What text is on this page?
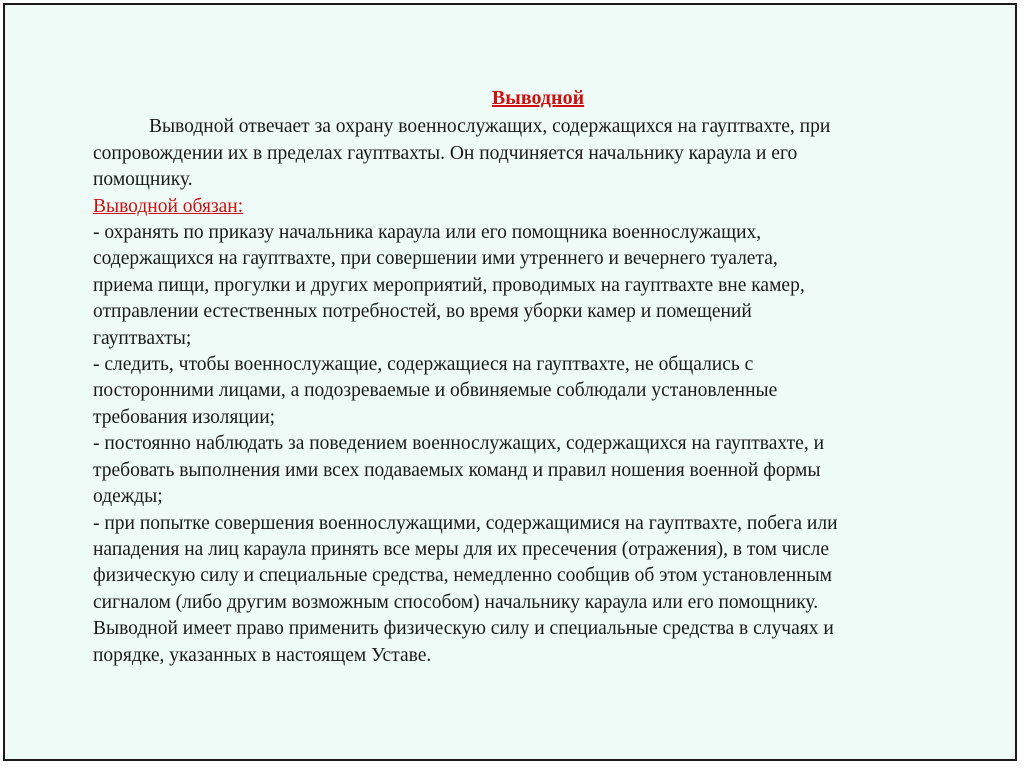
Выводной
Выводной отвечает за охрану военнослужащих, содержащихся на гауптвахте, при
сопровождении их в пределах гауптвахты. Он подчиняется начальнику караула и его
помощнику.
Выводной обязан:
- охранять по приказу начальника караула или его помощника военнослужащих,
содержащихся на гауптвахте, при совершении ими утреннего и вечернего туалета,
приема пищи, прогулки и других мероприятий, проводимых на гауптвахте вне камер,
отправлении естественных потребностей, во время уборки камер и помещений
гауптвахты;
- следить, чтобы военнослужащие, содержащиеся на гауптвахте, не общались с
посторонними лицами, а подозреваемые и обвиняемые соблюдали установленные
требования изоляции;
- постоянно наблюдать за поведением военнослужащих, содержащихся на гауптвахте, и
требовать выполнения ими всех подаваемых команд и правил ношения военной формы
одежды;
- при попытке совершения военнослужащими, содержащимися на гауптвахте, побега или
нападения на лиц караула принять все меры для их пресечения (отражения), в том числе
физическую силу и специальные средства, немедленно сообщив об этом установленным
сигналом (либо другим возможным способом) начальнику караула или его помощнику.
Выводной имеет право применить физическую силу и специальные средства в случаях и
порядке, указанных в настоящем Уставе.
